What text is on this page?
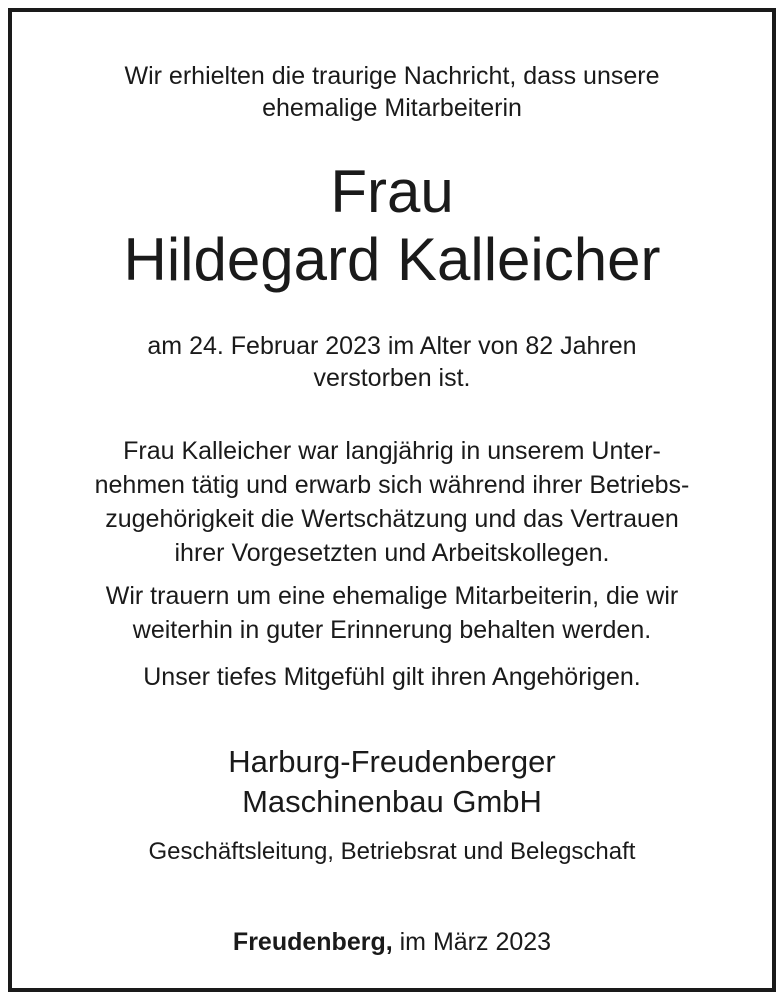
Wir erhielten die traurige Nachricht, dass unsere
ehemalige Mitarbeiterin
Frau
Hildegard Kalleicher
am 24. Februar 2023 im Alter von 82 Jahren
verstorben ist.
Frau Kalleicher war langjährig in unserem Unter-
nehmen tätig und erwarb sich während ihrer Betriebs-
zugehörigkeit die Wertschätzung und das Vertrauen
ihrer Vorgesetzten und Arbeitskollegen.
Wir trauern um eine ehemalige Mitarbeiterin, die wir
weiterhin in guter Erinnerung behalten werden.
Unser tiefes Mitgefühl gilt ihren Angehörigen.
Harburg-Freudenberger
Maschinenbau GmbH
Geschäftsleitung, Betriebsrat und Belegschaft
Freudenberg, im März 2023
